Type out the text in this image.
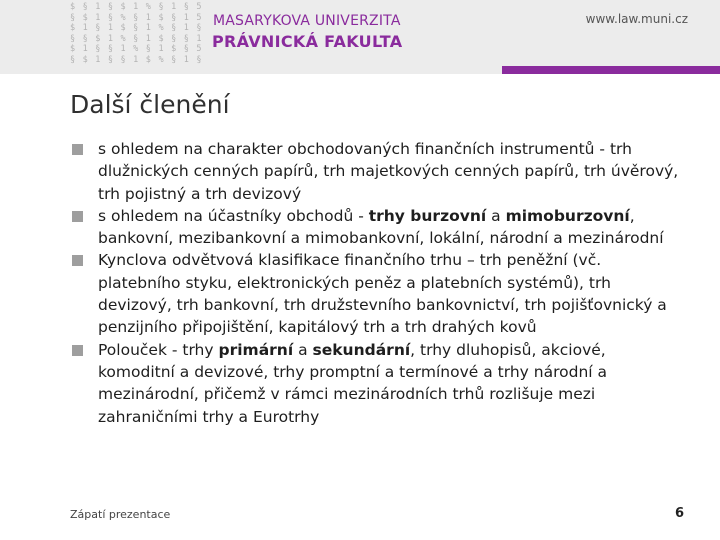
$ § 1 § $ 1 % § 1
§ $ 1 § % § 1 $ §
$ 1 § 1 $ § 1 % §
§ § $ 1 % § 1 $ §
$ 1 § § 1 % § 1 $
§ $ 1 § § 1 $ % §
MASARYKOVA UNIVERZITA
PRÁVNICKÁ FAKULTA
www.law.muni.cz
Další členění
s ohledem na charakter obchodovaných finančních instrumentů - trh dlužnických cenných papírů, trh majetkových cenných papírů, trh úvěrový, trh pojistný a trh devizový
s ohledem na účastníky obchodů - trhy burzovní a mimoburzovní, bankovní, mezibankovní a mimobankovní, lokální, národní a mezinárodní
Kynclova odvětvová klasifikace finančního trhu – trh peněžní (vč. platebního styku, elektronických peněz a platebních systémů), trh devizový, trh bankovní, trh družstevního bankovnictví, trh pojišťovnický a penzijního připojištění, kapitálový trh a trh drahých kovů
Polouček - trhy primární a sekundární, trhy dluhopisů, akciové, komoditní a devizové, trhy promptní a termínové a trhy národní a mezinárodní, přičemž v rámci mezinárodních trhů rozlišuje mezi zahraničními trhy a Eurotrhy
Zápatí prezentace	6
